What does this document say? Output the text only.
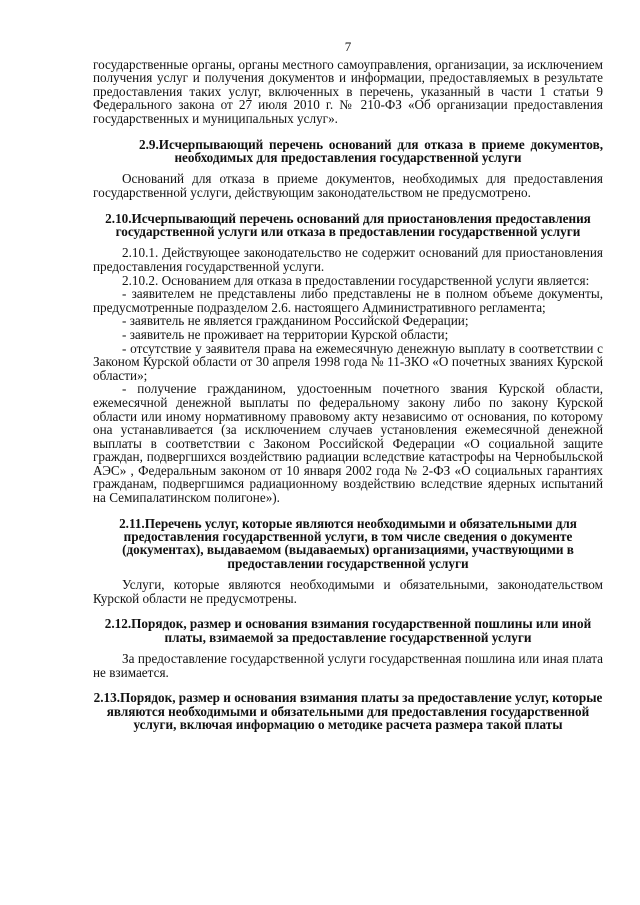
7

государственные органы, органы местного самоуправления, организации, за исключением получения услуг и получения документов и информации, предоставляемых в результате предоставления таких услуг, включенных в перечень, указанный в части 1 статьи 9 Федерального закона от 27 июля 2010 г. № 210-ФЗ «Об организации предоставления государственных и муниципальных услуг».

2.9.Исчерпывающий перечень оснований для отказа в приеме документов, необходимых для предоставления государственной услуги

Оснований для отказа в приеме документов, необходимых для предоставления государственной услуги, действующим законодательством не предусмотрено.

2.10.Исчерпывающий перечень оснований для приостановления предоставления государственной услуги или отказа в предоставлении государственной услуги

2.10.1. Действующее законодательство не содержит оснований для приостановления предоставления государственной услуги.

2.10.2. Основанием для отказа в предоставлении государственной услуги является:

- заявителем не представлены либо представлены не в полном объеме документы, предусмотренные подразделом 2.6. настоящего Административного регламента;

- заявитель не является гражданином Российской Федерации;

- заявитель не проживает на территории Курской области;

- отсутствие у заявителя права на ежемесячную денежную выплату в соответствии с Законом Курской области от 30 апреля 1998 года № 11-ЗКО «О почетных званиях Курской области»;

- получение гражданином, удостоенным почетного звания Курской области, ежемесячной денежной выплаты по федеральному закону либо по закону Курской области или иному нормативному правовому акту независимо от основания, по которому она устанавливается (за исключением случаев установления ежемесячной денежной выплаты в соответствии с Законом Российской Федерации «О социальной защите граждан, подвергшихся воздействию радиации вследствие катастрофы на Чернобыльской АЭС» , Федеральным законом от 10 января 2002 года № 2-ФЗ «О социальных гарантиях гражданам, подвергшимся радиационному воздействию вследствие ядерных испытаний на Семипалатинском полигоне»).

2.11.Перечень услуг, которые являются необходимыми и обязательными для предоставления государственной услуги, в том числе сведения о документе (документах), выдаваемом (выдаваемых) организациями, участвующими в предоставлении государственной услуги

Услуги, которые являются необходимыми и обязательными, законодательством Курской области не предусмотрены.

2.12.Порядок, размер и основания взимания государственной пошлины или иной платы, взимаемой за предоставление государственной услуги

За предоставление государственной услуги государственная пошлина или иная плата не взимается.

2.13.Порядок, размер и основания взимания платы за предоставление услуг, которые являются необходимыми и обязательными для предоставления государственной услуги, включая информацию о методике расчета размера такой платы
